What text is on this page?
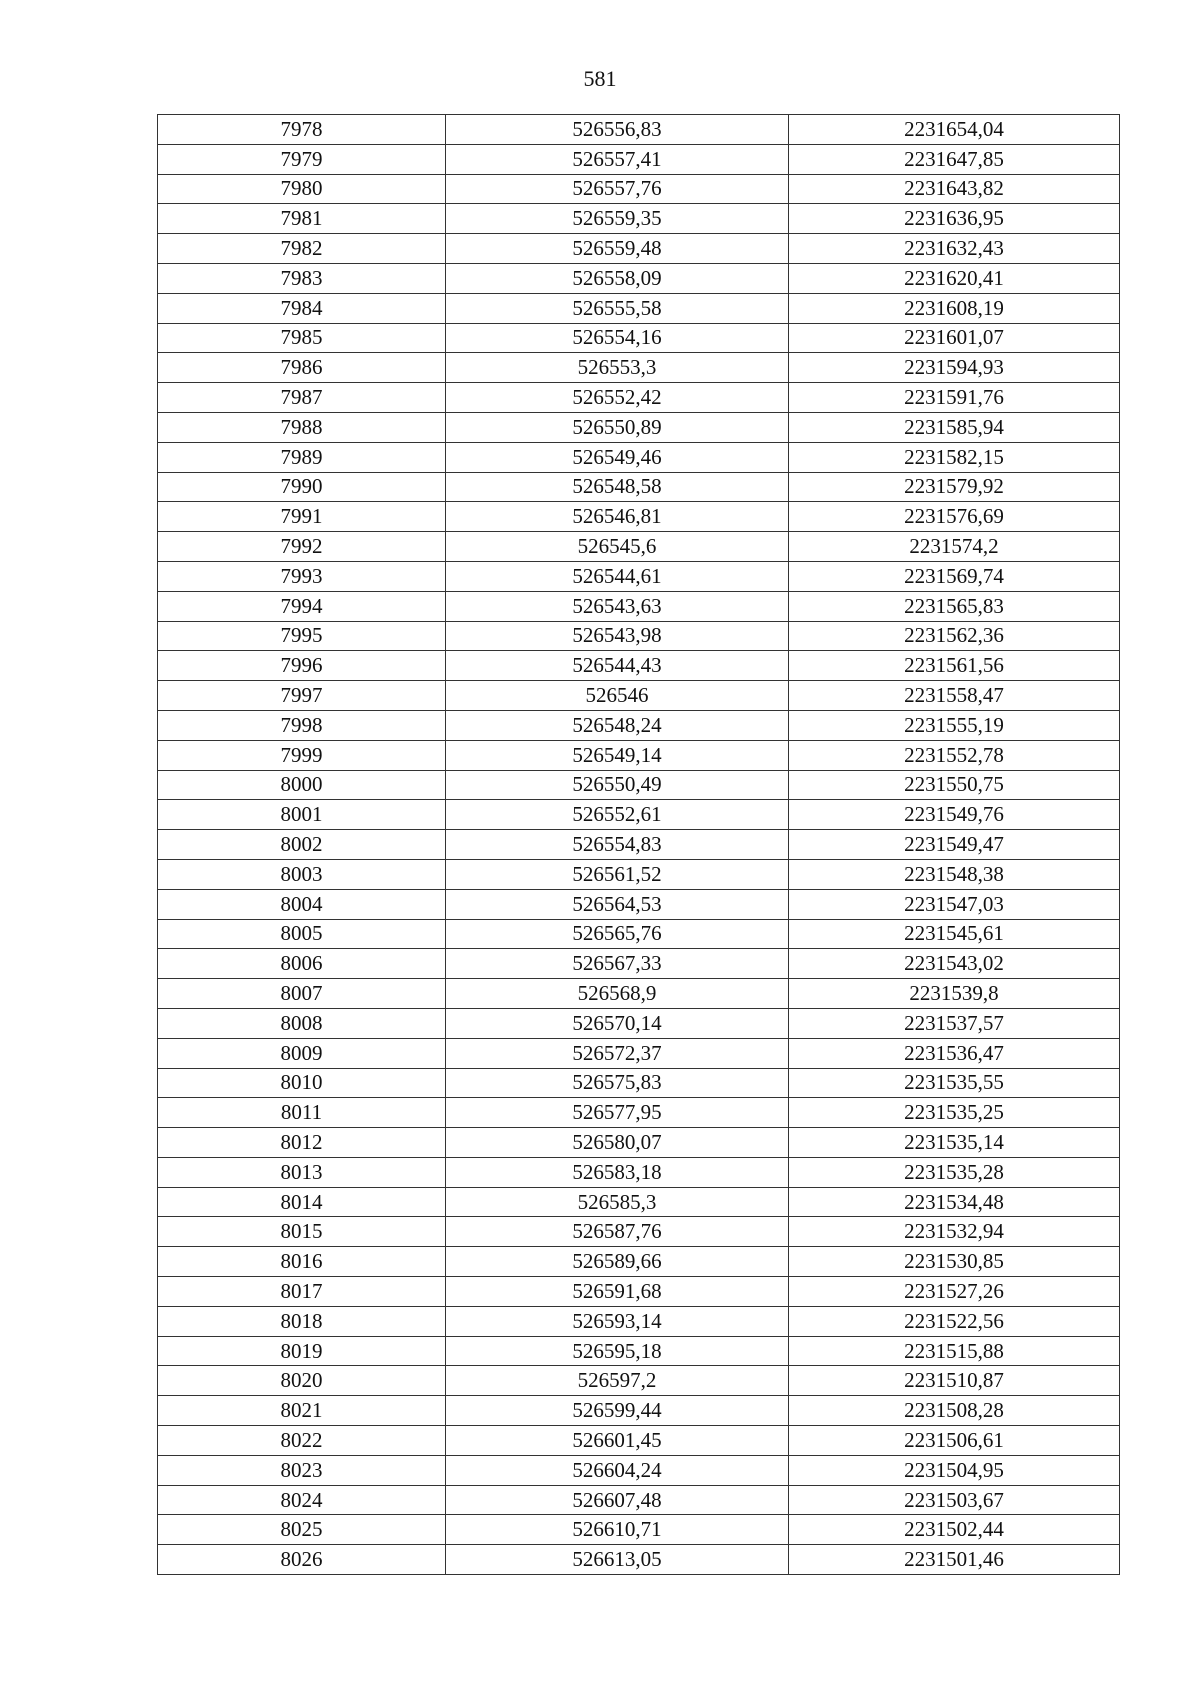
581
7978	526556,83	2231654,04
7979	526557,41	2231647,85
7980	526557,76	2231643,82
7981	526559,35	2231636,95
7982	526559,48	2231632,43
7983	526558,09	2231620,41
7984	526555,58	2231608,19
7985	526554,16	2231601,07
7986	526553,3	2231594,93
7987	526552,42	2231591,76
7988	526550,89	2231585,94
7989	526549,46	2231582,15
7990	526548,58	2231579,92
7991	526546,81	2231576,69
7992	526545,6	2231574,2
7993	526544,61	2231569,74
7994	526543,63	2231565,83
7995	526543,98	2231562,36
7996	526544,43	2231561,56
7997	526546	2231558,47
7998	526548,24	2231555,19
7999	526549,14	2231552,78
8000	526550,49	2231550,75
8001	526552,61	2231549,76
8002	526554,83	2231549,47
8003	526561,52	2231548,38
8004	526564,53	2231547,03
8005	526565,76	2231545,61
8006	526567,33	2231543,02
8007	526568,9	2231539,8
8008	526570,14	2231537,57
8009	526572,37	2231536,47
8010	526575,83	2231535,55
8011	526577,95	2231535,25
8012	526580,07	2231535,14
8013	526583,18	2231535,28
8014	526585,3	2231534,48
8015	526587,76	2231532,94
8016	526589,66	2231530,85
8017	526591,68	2231527,26
8018	526593,14	2231522,56
8019	526595,18	2231515,88
8020	526597,2	2231510,87
8021	526599,44	2231508,28
8022	526601,45	2231506,61
8023	526604,24	2231504,95
8024	526607,48	2231503,67
8025	526610,71	2231502,44
8026	526613,05	2231501,46
